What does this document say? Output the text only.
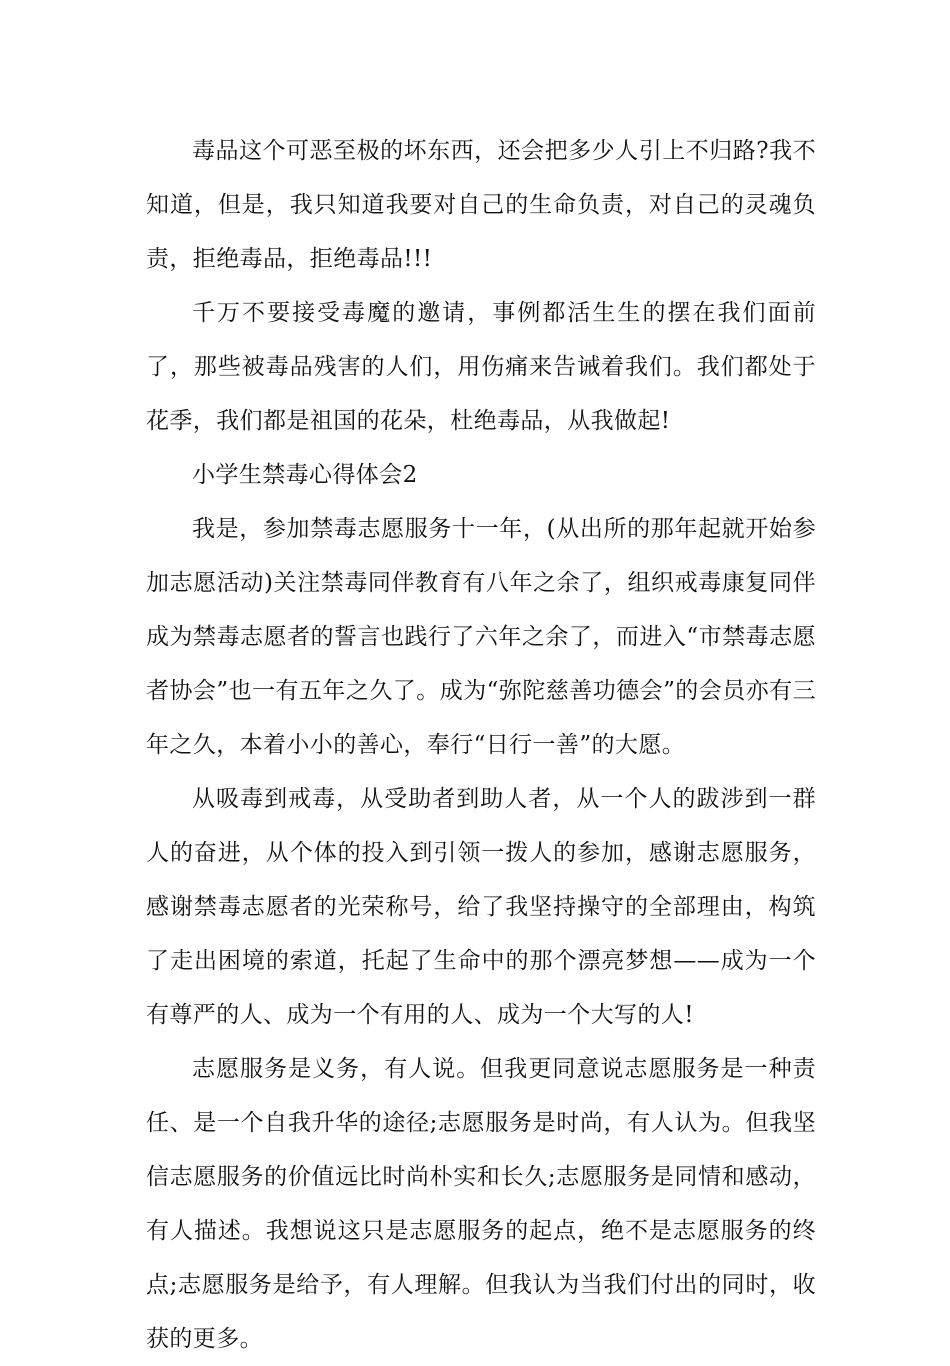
毒品这个可恶至极的坏东西，还会把多少人引上不归路?我不知道，但是，我只知道我要对自己的生命负责，对自己的灵魂负责，拒绝毒品，拒绝毒品!!!

千万不要接受毒魔的邀请，事例都活生生的摆在我们面前了，那些被毒品残害的人们，用伤痛来告诫着我们。我们都处于花季，我们都是祖国的花朵，杜绝毒品，从我做起!

小学生禁毒心得体会2

我是，参加禁毒志愿服务十一年，(从出所的那年起就开始参加志愿活动)关注禁毒同伴教育有八年之余了，组织戒毒康复同伴成为禁毒志愿者的誓言也践行了六年之余了，而进入“市禁毒志愿者协会”也一有五年之久了。成为“弥陀慈善功德会”的会员亦有三年之久，本着小小的善心，奉行“日行一善”的大愿。

从吸毒到戒毒，从受助者到助人者，从一个人的跋涉到一群人的奋进，从个体的投入到引领一拨人的参加，感谢志愿服务，感谢禁毒志愿者的光荣称号，给了我坚持操守的全部理由，构筑了走出困境的索道，托起了生命中的那个漂亮梦想——成为一个有尊严的人、成为一个有用的人、成为一个大写的人!

志愿服务是义务，有人说。但我更同意说志愿服务是一种责任、是一个自我升华的途径;志愿服务是时尚，有人认为。但我坚信志愿服务的价值远比时尚朴实和长久;志愿服务是同情和感动，有人描述。我想说这只是志愿服务的起点，绝不是志愿服务的终点;志愿服务是给予，有人理解。但我认为当我们付出的同时，收获的更多。
